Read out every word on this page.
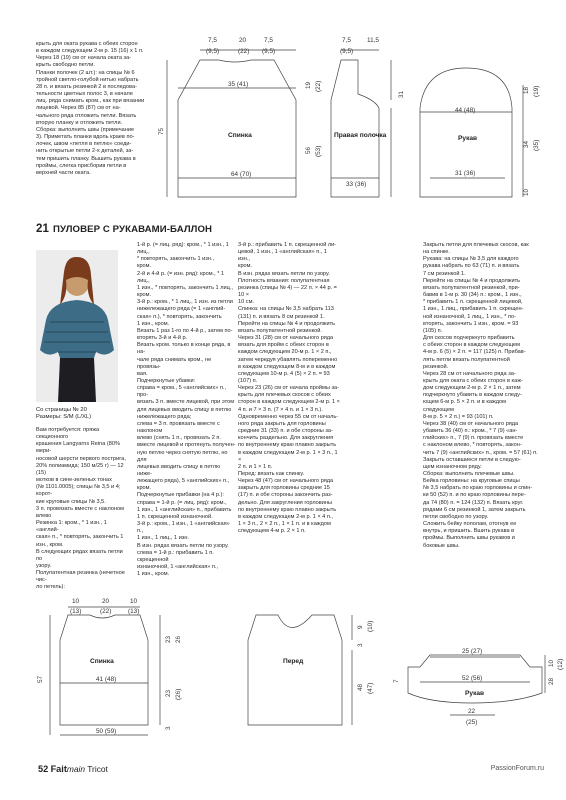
крыть для оката рукава с обеих сторон
в каждом следующем 2-м р. 15 (16) х 1 п.
Через 18 (19) см от начала оката за-
крыть свободно петли.
Планки полочек (2 шт.): на спицы № 6
тройной светло-голубой нитью набрать
28 п. и вязать резинкой 2 в последова-
тельности цветных полос 3, в начале
лиц. ряда снимать кром., как при вязании
лицевой. Через 85 (87) см от на-
чального ряда отложить петли. Вязать
вторую планку и отложить петли.
Сборка: выполнить швы (примечание
3). Приметать планки вдоль краев по-
лочек, швом «петля в петлю» соеди-
нить открытые петли 2-х деталей, за-
тем пришить планку. Вышить рукава в
проймы, слегка присборив петли в
верхней части оката.

7,5
(9,5)
20
(22)
7,5
(9,5)
35 (41)
64 (70)
75
Спинка
7,5
(9,5)
11,5
19 (22)
56 (53)
33 (36)
Правая полочка
44 (48)
31 (36)
Рукав
18 (19)
34 (35)
10
31
21 ПУЛОВЕР С РУКАВАМИ-БАЛЛОН

Со страницы № 20

Размеры: S/M (L/XL)

Вам потребуется: пряжа секционного
крашения Langyarns Reina (80% мери-
носовой шерсти первого постригa,
20% полиамида; 150 м/25 г) — 12 (15)
мотков в сине-зеленых тонах
(№ 1101.0005); спицы № 3,5 и 4; корот-
кие круговые спицы № 3,5.
3 п. провязать вместе с наклоном влево
Резинка 1: кром., * 1 изн., 1 «англий-
ская» п., * повторять, закончить 1 изн., кром.
В следующих рядах вязать петли по
узору.
Полупатентная резинка (нечетное чис-
ло петель):

1-й р. (= лиц. ряд): кром., * 1 изн., 1 лиц.,
* повторять, закончить 1 изн.,
кром.
2-й и 4-й р. (= изн. ряд): кром., * 1 лиц.,
1 изн., * повторять, закончить 1 лиц.,
кром.
3-й р.: кром., * 1 лиц., 1 изн. из петли
нижележащего ряда (= 1 «англий-
ская» п.), * повторять, закончить
1 изн., кром.
Вязать 1 раз 1-го по 4-й р., затем по-
вторять 3-й и 4-й р.
Вязать кром. только в конце ряда, в на-
чале ряда снимать кром., не провязы-
вая.
Подчеркнутые убавки:
справа = кром., 5 «английских» п., про-
вязать 3 п. вместе лицевой, при этом
для лицевых вводить спицу в петлю
нижележащего ряда;
слева = 3 п. провязать вместе с наклоном
влево (снять 1 п., провязать 2 п.
вместе лицевой и протянуть получен-
ную петлю через снятую петлю, но для
лицевых вводить спицу в петлю ниже-
лежащего ряда), 5 «английских» п.,
кром.
Подчеркнутые прибавки (на 4 р.):
справа = 1-й р. (= лиц. ряд): кром.,
1 изн., 1 «английская» п., прибавить
1 п. скрещенной изнаночной.
3-й р.: кром., 1 изн., 1 «английская» п.,
1 изн., 1 лиц., 1 изн.
В изн. рядах вязать петли по узору.
слева = 1-й р.: прибавить 1 п. скрещенной
изнаночной, 1 «английская» п.,
1 изн., кром.

3-й р.: прибавить 1 п. скрещенной ли-
цевой, 1 изн., 1 «английская» п., 1 изн.,
кром.
В изн. рядах вязать петли по узору.
Плотность вязания: полупатентная
резинка (спицы № 4) — 22 п. × 44 р. = 10 ×
10 см.
Спинка: на спицы № 3,5 набрать 113
(131) п. и вязать 8 см резинкой 1.
Перейти на спицы № 4 и продолжить
вязать полупатентной резинкой.
Через 31 (28) см от начального ряда
вязать для пройм с обеих сторон в
каждом следующем 20-м р. 1 × 2 п.,
затем чередуя убавлять попеременно
в каждом следующем 8-м и в каждом
следующем 10-м р. 4 (5) × 2 п. = 93
(107) п.
Через 23 (26) см от начала проймы за-
крыть для плечевых скосов с обеих
сторон в каждом следующем 2-м р. 1 ×
4 п. и 7 × 3 п. (7 × 4 п. и 1 × 3 п.).
Одновременно через 55 см от началь-
ного ряда закрыть для горловины
средние 31 (33) п. и обе стороны за-
кончить раздельно. Для закругления
по внутреннему краю плавно закрыть
в каждом следующем 2-м р. 1 × 3 п., 1 ×
2 п. и 1 × 1 п.
Перед: вязать как спинку.
Через 48 (47) см от начального ряда
закрыть для горловины средние 15
(17) п. и обе стороны закончить раз-
дельно. Для закругления горловины
по внутреннему краю плавно закрыть
в каждом следующем 2-м р. 1 × 4 п.,
1 × 3 п., 2 × 2 п., 1 × 1 п. и в каждом
следующем 4-м р. 2 × 1 п.

Закрыть петли для плечевых скосов, как
на спинке.
Рукава: на спицы № 3,5 для каждого
рукава набрать по 63 (71) п. и вязать
7 см резинкой 1.
Перейти на спицы № 4 и продолжить
вязать полупатентной резинкой, при-
бавив в 1-м р. 30 (34) п.: кром., 1 изн.,
* прибавить 1 п. скрещенной лицевой,
1 изн., 1 лиц., прибавить 1 п. скрещен-
ной изнаночной, 1 лиц., 1 изн., * по-
вторять, закончить 1 изн., кром. = 93
(105) п.
Для скосов подчеркнуто прибавить
с обеих сторон в каждом следующем
4-м р. 6 (5) × 2 п. = 117 (125) п. Прибав-
лять петли вязать полупатентной
резинкой.
Через 28 см от начального ряда за-
крыть для оката с обеих сторон в каж-
дом следующем 2-м р. 2 × 1 п., затем
подчеркнуто убавить в каждом следу-
ющем 6-м р. 5 × 2 п. и в каждом следующем
8-м р. 5 × 2 п.) = 93 (101) п.
Через 38 (40) см от начального ряда
убавить 36 (40) п.: кром., * 7 (9) «ан-
глийских» п., 7 (9) п. провязать вместе
с наклоном влево, * повторять, закон-
чить 7 (9) «английских» п., кром. = 57 (61) п.
Закрыть оставшиеся петли в следую-
щем изнаночном ряду.
Сборка: выполнить плечевые швы.
Бейка горловины: на круговые спицы
№ 3,5 набрать по краю горловины и спин-
ки 50 (52) п. и по краю горловины пере-
да 74 (80) п. = 124 (132) п. Вязать круг.
рядами 6 см резинкой 1, затем закрыть
петли свободно по узору.
Сложить бейку пополам, отогнув ее
внутрь, и пришить. Вшить рукава в
проймы. Выполнить швы рукавов и
боковые швы.

10
(13)
20
(22)
10
(13)
41 (48)
50 (59)
57
23 26
23 (26)
3
Спинка	Перед
9 (10)
3
48 (47)
25 (27)
52 (56)
Рукав
22
(25)
10 (12)
28
7
52 Faitmain Tricot	PassionForum.ru
